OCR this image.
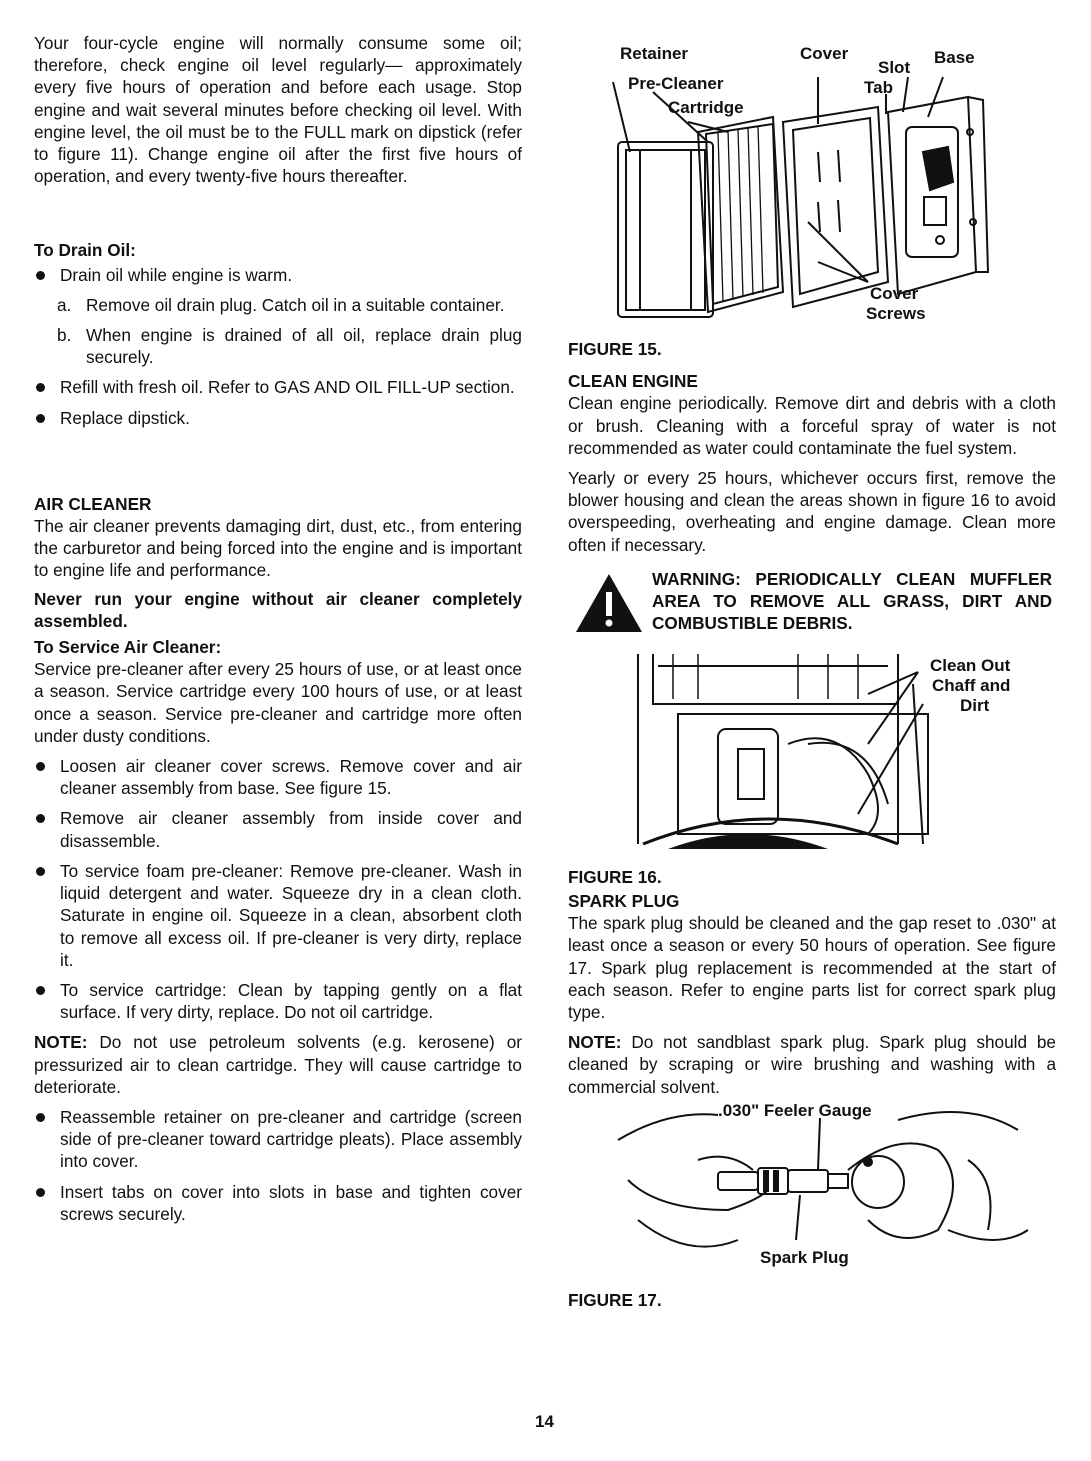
Your four-cycle engine will normally consume some oil; therefore, check engine oil level regularly— approximately every five hours of operation and before each usage. Stop engine and wait several minutes before checking oil level. With engine level, the oil must be to the FULL mark on dipstick (refer to figure 11). Change engine oil after the first five hours of operation, and every twenty-five hours thereafter.

To Drain Oil:

Drain oil while engine is warm.
a. Remove oil drain plug. Catch oil in a suitable container.
b. When engine is drained of all oil, replace drain plug securely.
Refill with fresh oil. Refer to GAS AND OIL FILL-UP section.
Replace dipstick.

AIR CLEANER

The air cleaner prevents damaging dirt, dust, etc., from entering the carburetor and being forced into the engine and is important to engine life and performance.

Never run your engine without air cleaner completely assembled.

To Service Air Cleaner:

Service pre-cleaner after every 25 hours of use, or at least once a season. Service cartridge every 100 hours of use, or at least once a season. Service pre-cleaner and cartridge more often under dusty conditions.

Loosen air cleaner cover screws. Remove cover and air cleaner assembly from base. See figure 15.
Remove air cleaner assembly from inside cover and disassemble.
To service foam pre-cleaner: Remove pre-cleaner. Wash in liquid detergent and water. Squeeze dry in a clean cloth. Saturate in engine oil. Squeeze in a clean, absorbent cloth to remove all excess oil. If pre-cleaner is very dirty, replace it.
To service cartridge: Clean by tapping gently on a flat surface. If very dirty, replace. Do not oil cartridge.

NOTE: Do not use petroleum solvents (e.g. kerosene) or pressurized air to clean cartridge. They will cause cartridge to deteriorate.

Reassemble retainer on pre-cleaner and cartridge (screen side of pre-cleaner toward cartridge pleats). Place assembly into cover.
Insert tabs on cover into slots in base and tighten cover screws securely.
Retainer	Cover
Slot
Base
Pre-Cleaner	Tab
Cartridge
Cover
Screws

FIGURE 15.

CLEAN ENGINE

Clean engine periodically. Remove dirt and debris with a cloth or brush. Cleaning with a forceful spray of water is not recommended as water could contaminate the fuel system.

Yearly or every 25 hours, whichever occurs first, remove the blower housing and clean the areas shown in figure 16 to avoid overspeeding, overheating and engine damage. Clean more often if necessary.

WARNING: PERIODICALLY CLEAN MUFFLER AREA TO REMOVE ALL GRASS, DIRT AND COMBUSTIBLE DEBRIS.
Clean Out
Chaff and
Dirt

FIGURE 16.

SPARK PLUG

The spark plug should be cleaned and the gap reset to .030" at least once a season or every 50 hours of operation. See figure 17. Spark plug replacement is recommended at the start of each season. Refer to engine parts list for correct spark plug type.

NOTE: Do not sandblast spark plug. Spark plug should be cleaned by scraping or wire brushing and washing with a commercial solvent.

.030" Feeler Gauge
Spark Plug

FIGURE 17.

14
